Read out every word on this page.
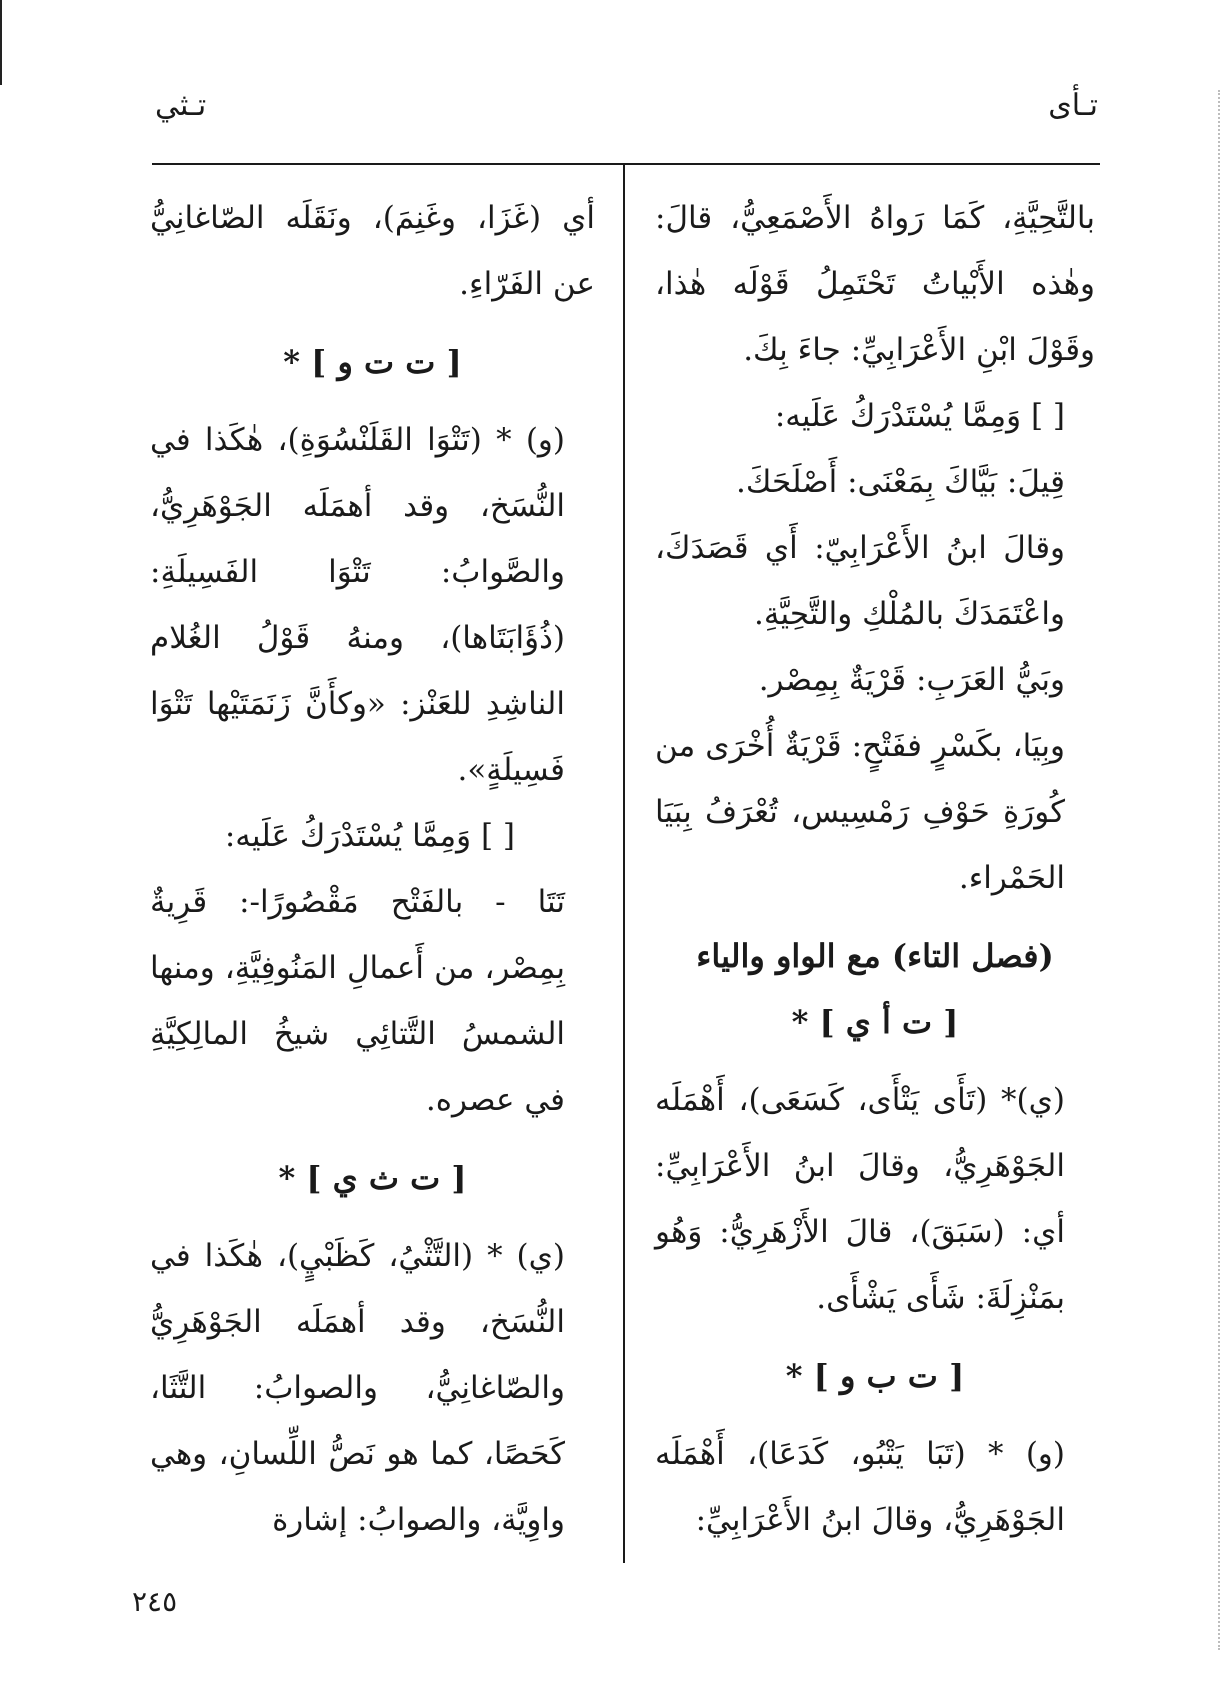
تـأى
تـثي

بالتَّحِيَّةِ، كَمَا رَواهُ الأَصْمَعِيُّ، قالَ: وهٰذه الأَبْياتُ تَحْتَمِلُ قَوْلَه هٰذا، وقَوْلَ ابْنِ الأَعْرَابِيِّ: جاءَ بِكَ.

[ ] وَمِمَّا يُسْتَدْرَكُ عَلَيه:

قِيلَ: بَيَّاكَ بِمَعْنَى: أَصْلَحَكَ.

وقالَ ابنُ الأَعْرَابِيّ: أَي قَصَدَكَ، واعْتَمَدَكَ بالمُلْكِ والتَّحِيَّةِ.

وبَيُّ العَرَبِ: قَرْيَةٌ بِمِصْر.

وبِيَا، بكَسْرٍ ففَتْحٍ: قَرْيَةٌ أُخْرَى من كُورَةِ حَوْفِ رَمْسِيس، تُعْرَفُ بِبَيَا الحَمْراء.

(فصل التاء) مع الواو والياء

[ ت أ ي ] *

(ي)* (تَأَى يَتْأَى، كَسَعَى)، أَهْمَلَه الجَوْهَرِيُّ، وقالَ ابنُ الأَعْرَابِيِّ: أي: (سَبَقَ)، قالَ الأَزْهَرِيُّ: وَهُو بمَنْزِلَةَ: شَأَى يَشْأَى.

[ ت ب و ] *

(و) * (تَبَا يَتْبُو، كَدَعَا)، أَهْمَلَه الجَوْهَرِيُّ، وقالَ ابنُ الأَعْرَابِيِّ:

أي (غَزَا، وغَنِمَ)، ونَقَلَه الصّاغانِيُّ عن الفَرّاءِ.

[ ت ت و ] *

(و) * (تَتْوَا القَلَنْسُوَةِ)، هٰكَذا في النُّسَخ، وقد أهمَلَه الجَوْهَرِيُّ، والصَّوابُ: تَتْوَا الفَسِيلَةِ: (ذُؤَابَتَاها)، ومنهُ قَوْلُ الغُلام الناشِدِ للعَنْز: «وكأَنَّ زَنَمَتَيْها تَتْوَا فَسِيلَةٍ».

[ ] وَمِمَّا يُسْتَدْرَكُ عَلَيه:

تَتَا - بالفَتْح مَقْصُورًا-: قَرِيةٌ بِمِصْر، من أَعمالِ المَنُوفِيَّةِ، ومنها الشمسُ التَّتائِي شيخُ المالِكِيَّةِ في عصره.

[ ت ث ي ] *

(ي) * (التَّثْيُ، كَظَبْيٍ)، هٰكَذا في النُّسَخ، وقد أهمَلَه الجَوْهَرِيُّ والصّاغانِيُّ، والصوابُ: التَّثَا، كَحَصًا، كما هو نَصُّ اللِّسانِ، وهي واوِيَّة، والصوابُ: إشارة

٢٤٥
